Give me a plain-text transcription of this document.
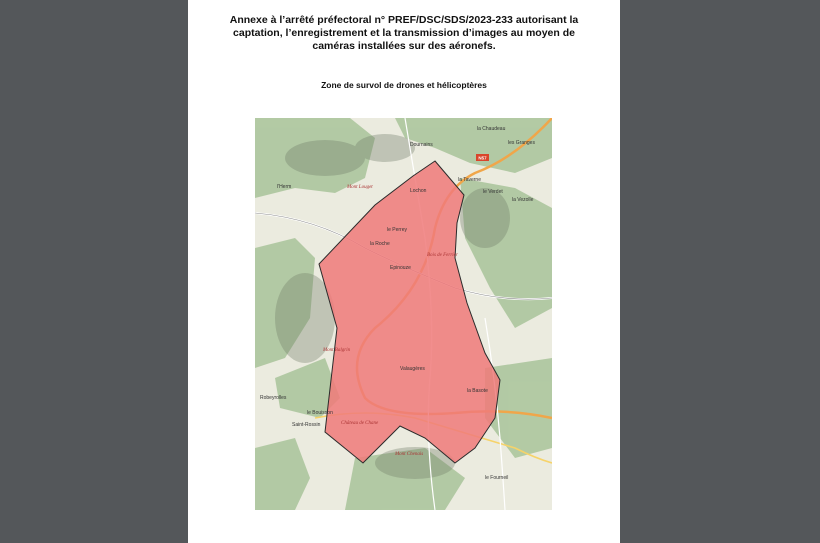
Annexe à l’arrêté préfectoral n° PREF/DSC/SDS/2023-233 autorisant la
captation, l’enregistrement et la transmission d’images au moyen de
caméras installées sur des aéronefs.
Zone de survol de drones et hélicoptères
N57
la Chaudeau
Dournains	les Granges
la Taverne
l'Herm	Mont Louget
Lochon	le Verdet
la Vezolle
le Perrey
la Roche
Bois de Ferrier
Epinouze
Mont Balgrin
Valaugères
la Basote
Robeyrolles
le Bouisson
Saint-Rossin	Château de Chane
Mont Chenais
le Fourneil
